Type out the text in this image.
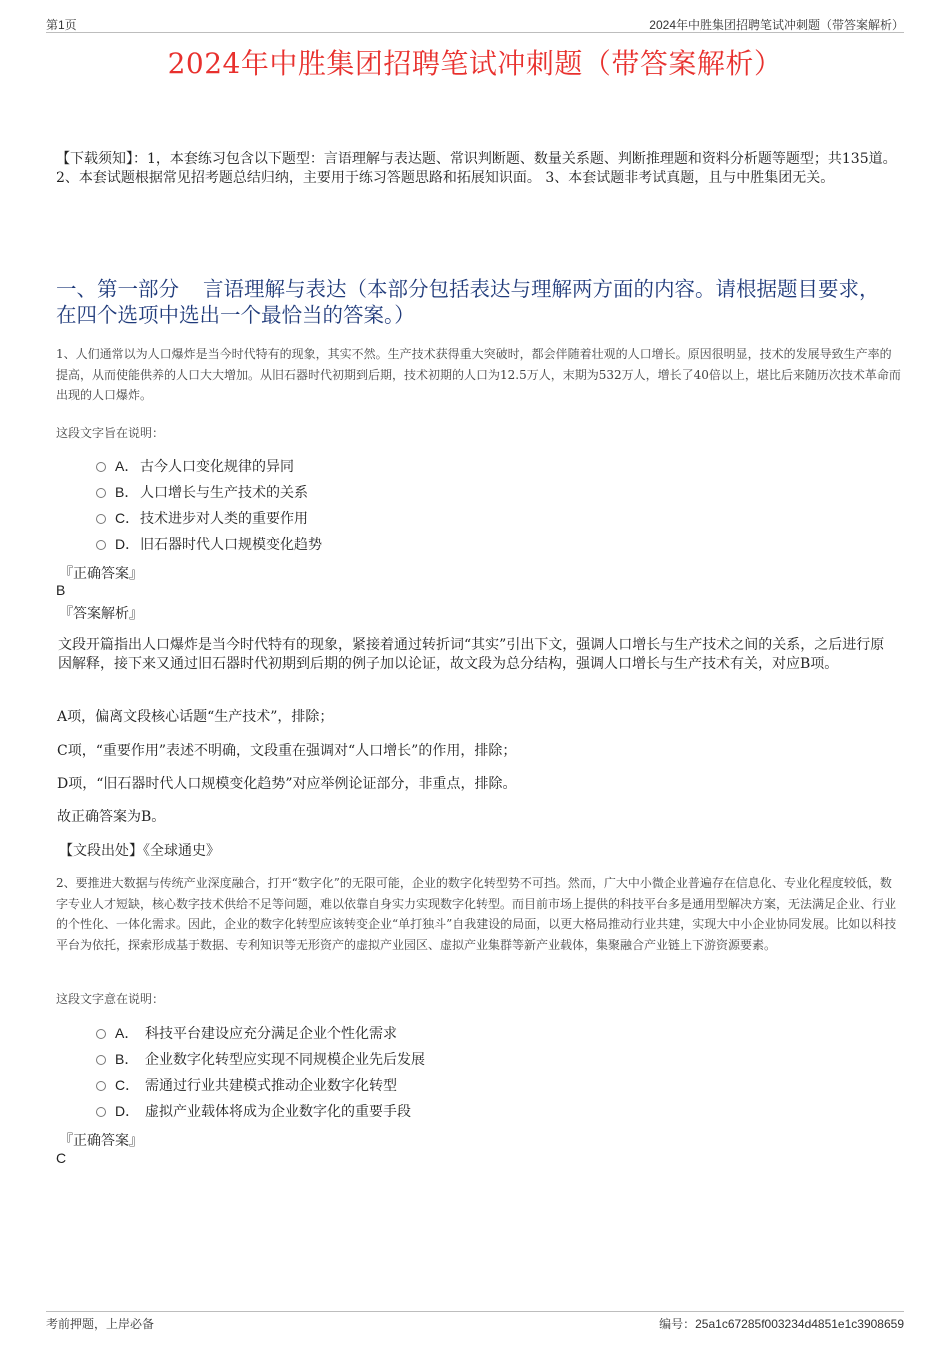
第1页	2024年中胜集团招聘笔试冲刺题（带答案解析）
2024年中胜集团招聘笔试冲刺题（带答案解析）
【下载须知】：1，本套练习包含以下题型：言语理解与表达题、常识判断题、数量关系题、判断推理题和资料分析题等题型；共135道。 2、本套试题根据常见招考题总结归纳，主要用于练习答题思路和拓展知识面。 3、本套试题非考试真题，且与中胜集团无关。
一、第一部分 言语理解与表达（本部分包括表达与理解两方面的内容。请根据题目要求，在四个选项中选出一个最恰当的答案。）
1、人们通常以为人口爆炸是当今时代特有的现象，其实不然。生产技术获得重大突破时，都会伴随着壮观的人口增长。原因很明显，技术的发展导致生产率的提高，从而使能供养的人口大大增加。从旧石器时代初期到后期，技术初期的人口为12.5万人，末期为532万人，增长了40倍以上，堪比后来随历次技术革命而出现的人口爆炸。
这段文字旨在说明：
A． 古今人口变化规律的异同
B． 人口增长与生产技术的关系
C． 技术进步对人类的重要作用
D． 旧石器时代人口规模变化趋势
『正确答案』
B
『答案解析』
文段开篇指出人口爆炸是当今时代特有的现象，紧接着通过转折词“其实”引出下文，强调人口增长与生产技术之间的关系，之后进行原因解释，接下来又通过旧石器时代初期到后期的例子加以论证，故文段为总分结构，强调人口增长与生产技术有关，对应B项。
A项，偏离文段核心话题“生产技术”，排除；
C项，“重要作用”表述不明确，文段重在强调对“人口增长”的作用，排除；
D项，“旧石器时代人口规模变化趋势”对应举例论证部分，非重点，排除。
故正确答案为B。
【文段出处】《全球通史》
2、要推进大数据与传统产业深度融合，打开“数字化”的无限可能，企业的数字化转型势不可挡。然而，广大中小微企业普遍存在信息化、专业化程度较低，数字专业人才短缺，核心数字技术供给不足等问题，难以依靠自身实力实现数字化转型。而目前市场上提供的科技平台多是通用型解决方案，无法满足企业、行业的个性化、一体化需求。因此，企业的数字化转型应该转变企业“单打独斗”自我建设的局面，以更大格局推动行业共建，实现大中小企业协同发展。比如以科技平台为依托，探索形成基于数据、专利知识等无形资产的虚拟产业园区、虚拟产业集群等新产业载体，集聚融合产业链上下游资源要素。
这段文字意在说明：
A． 科技平台建设应充分满足企业个性化需求
B． 企业数字化转型应实现不同规模企业先后发展
C． 需通过行业共建模式推动企业数字化转型
D． 虚拟产业载体将成为企业数字化的重要手段
『正确答案』
C
考前押题，上岸必备	编号：25a1c67285f003234d4851e1c3908659
